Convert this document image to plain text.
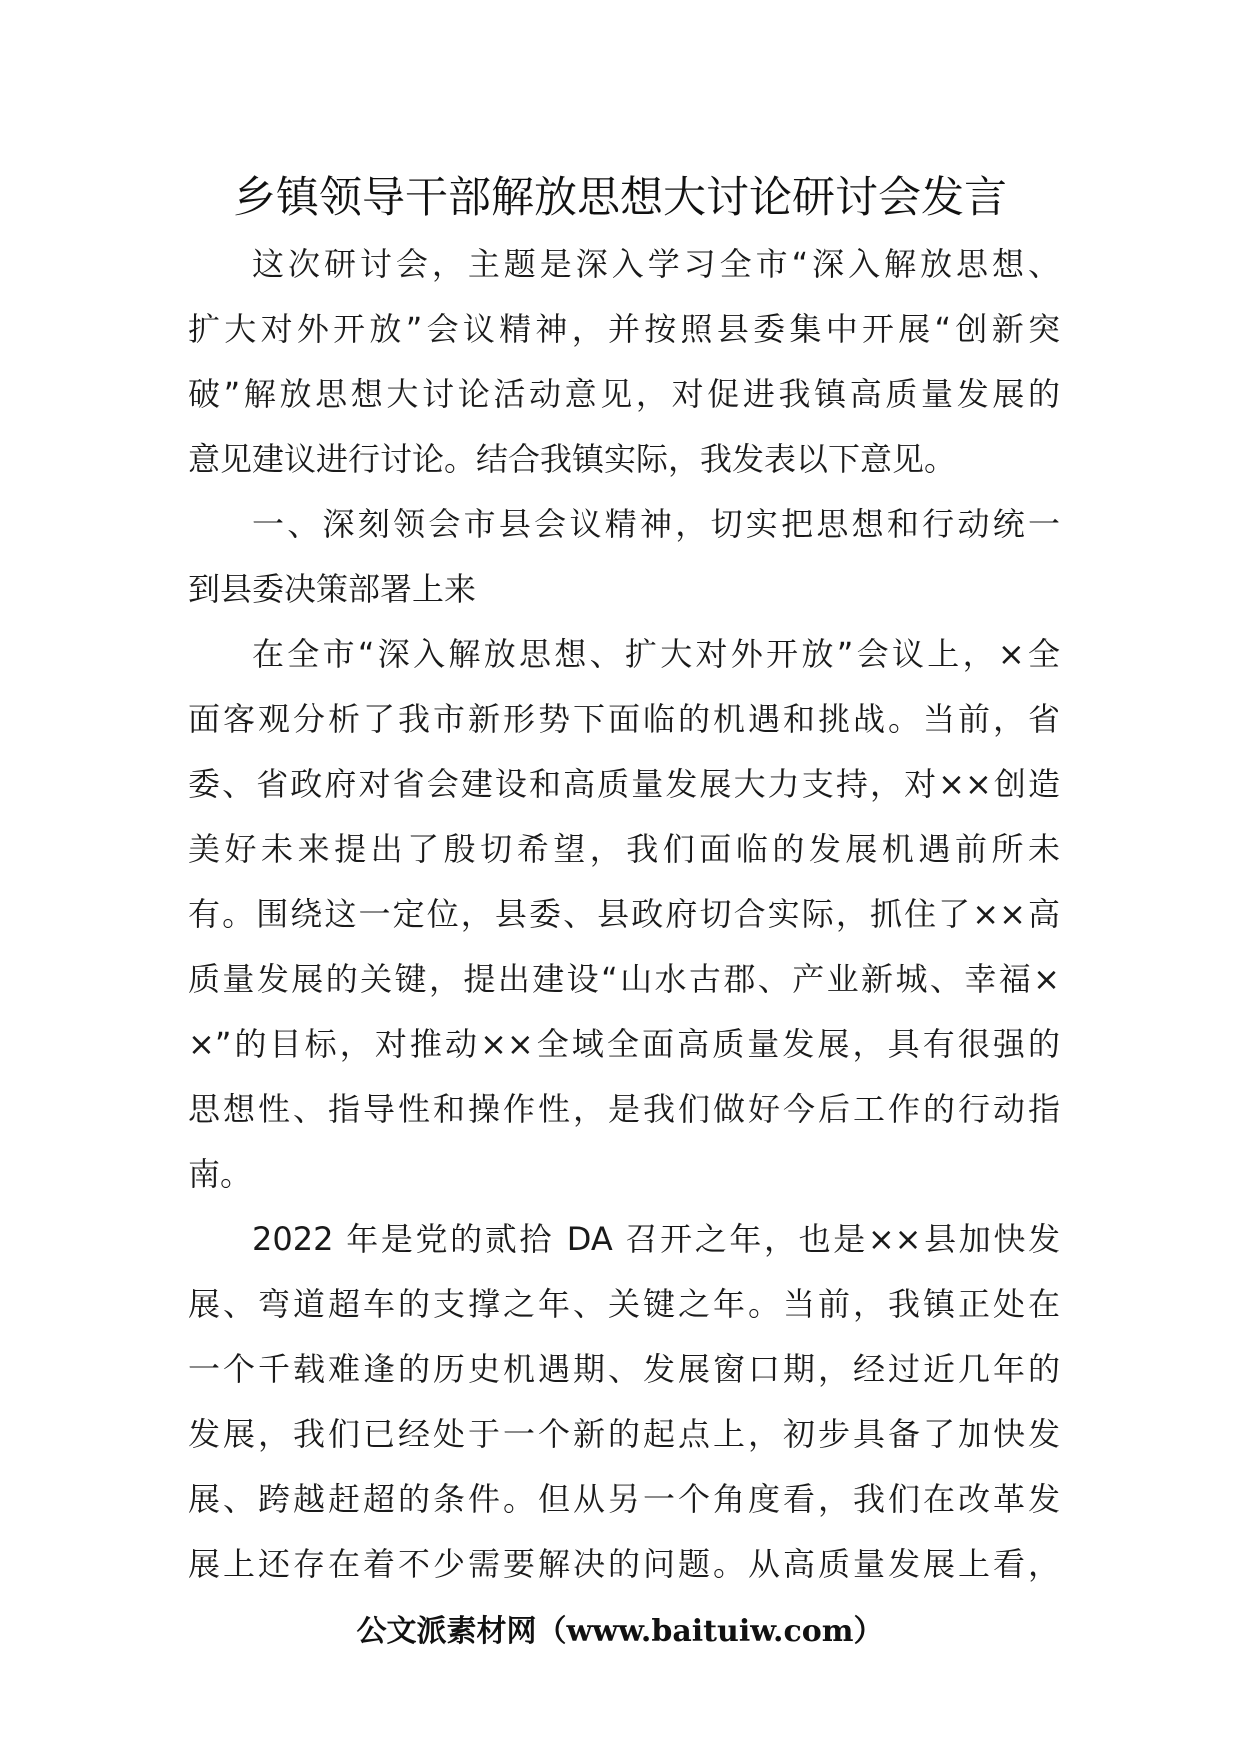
乡镇领导干部解放思想大讨论研讨会发言
这次研讨会，主题是深入学习全市“深入解放思想、
扩大对外开放”会议精神，并按照县委集中开展“创新突
破”解放思想大讨论活动意见，对促进我镇高质量发展的
意见建议进行讨论。结合我镇实际，我发表以下意见。
一、深刻领会市县会议精神，切实把思想和行动统一
到县委决策部署上来
在全市“深入解放思想、扩大对外开放”会议上，×全
面客观分析了我市新形势下面临的机遇和挑战。当前，省
委、省政府对省会建设和高质量发展大力支持，对××创造
美好未来提出了殷切希望，我们面临的发展机遇前所未
有。围绕这一定位，县委、县政府切合实际，抓住了××高
质量发展的关键，提出建设“山水古郡、产业新城、幸福×
×”的目标，对推动××全域全面高质量发展，具有很强的
思想性、指导性和操作性，是我们做好今后工作的行动指
南。
2022 年是党的贰拾 DA 召开之年，也是××县加快发
展、弯道超车的支撑之年、关键之年。当前，我镇正处在
一个千载难逢的历史机遇期、发展窗口期，经过近几年的
发展，我们已经处于一个新的起点上，初步具备了加快发
展、跨越赶超的条件。但从另一个角度看，我们在改革发
展上还存在着不少需要解决的问题。从高质量发展上看，
公文派素材网（www.baituiw.com）
